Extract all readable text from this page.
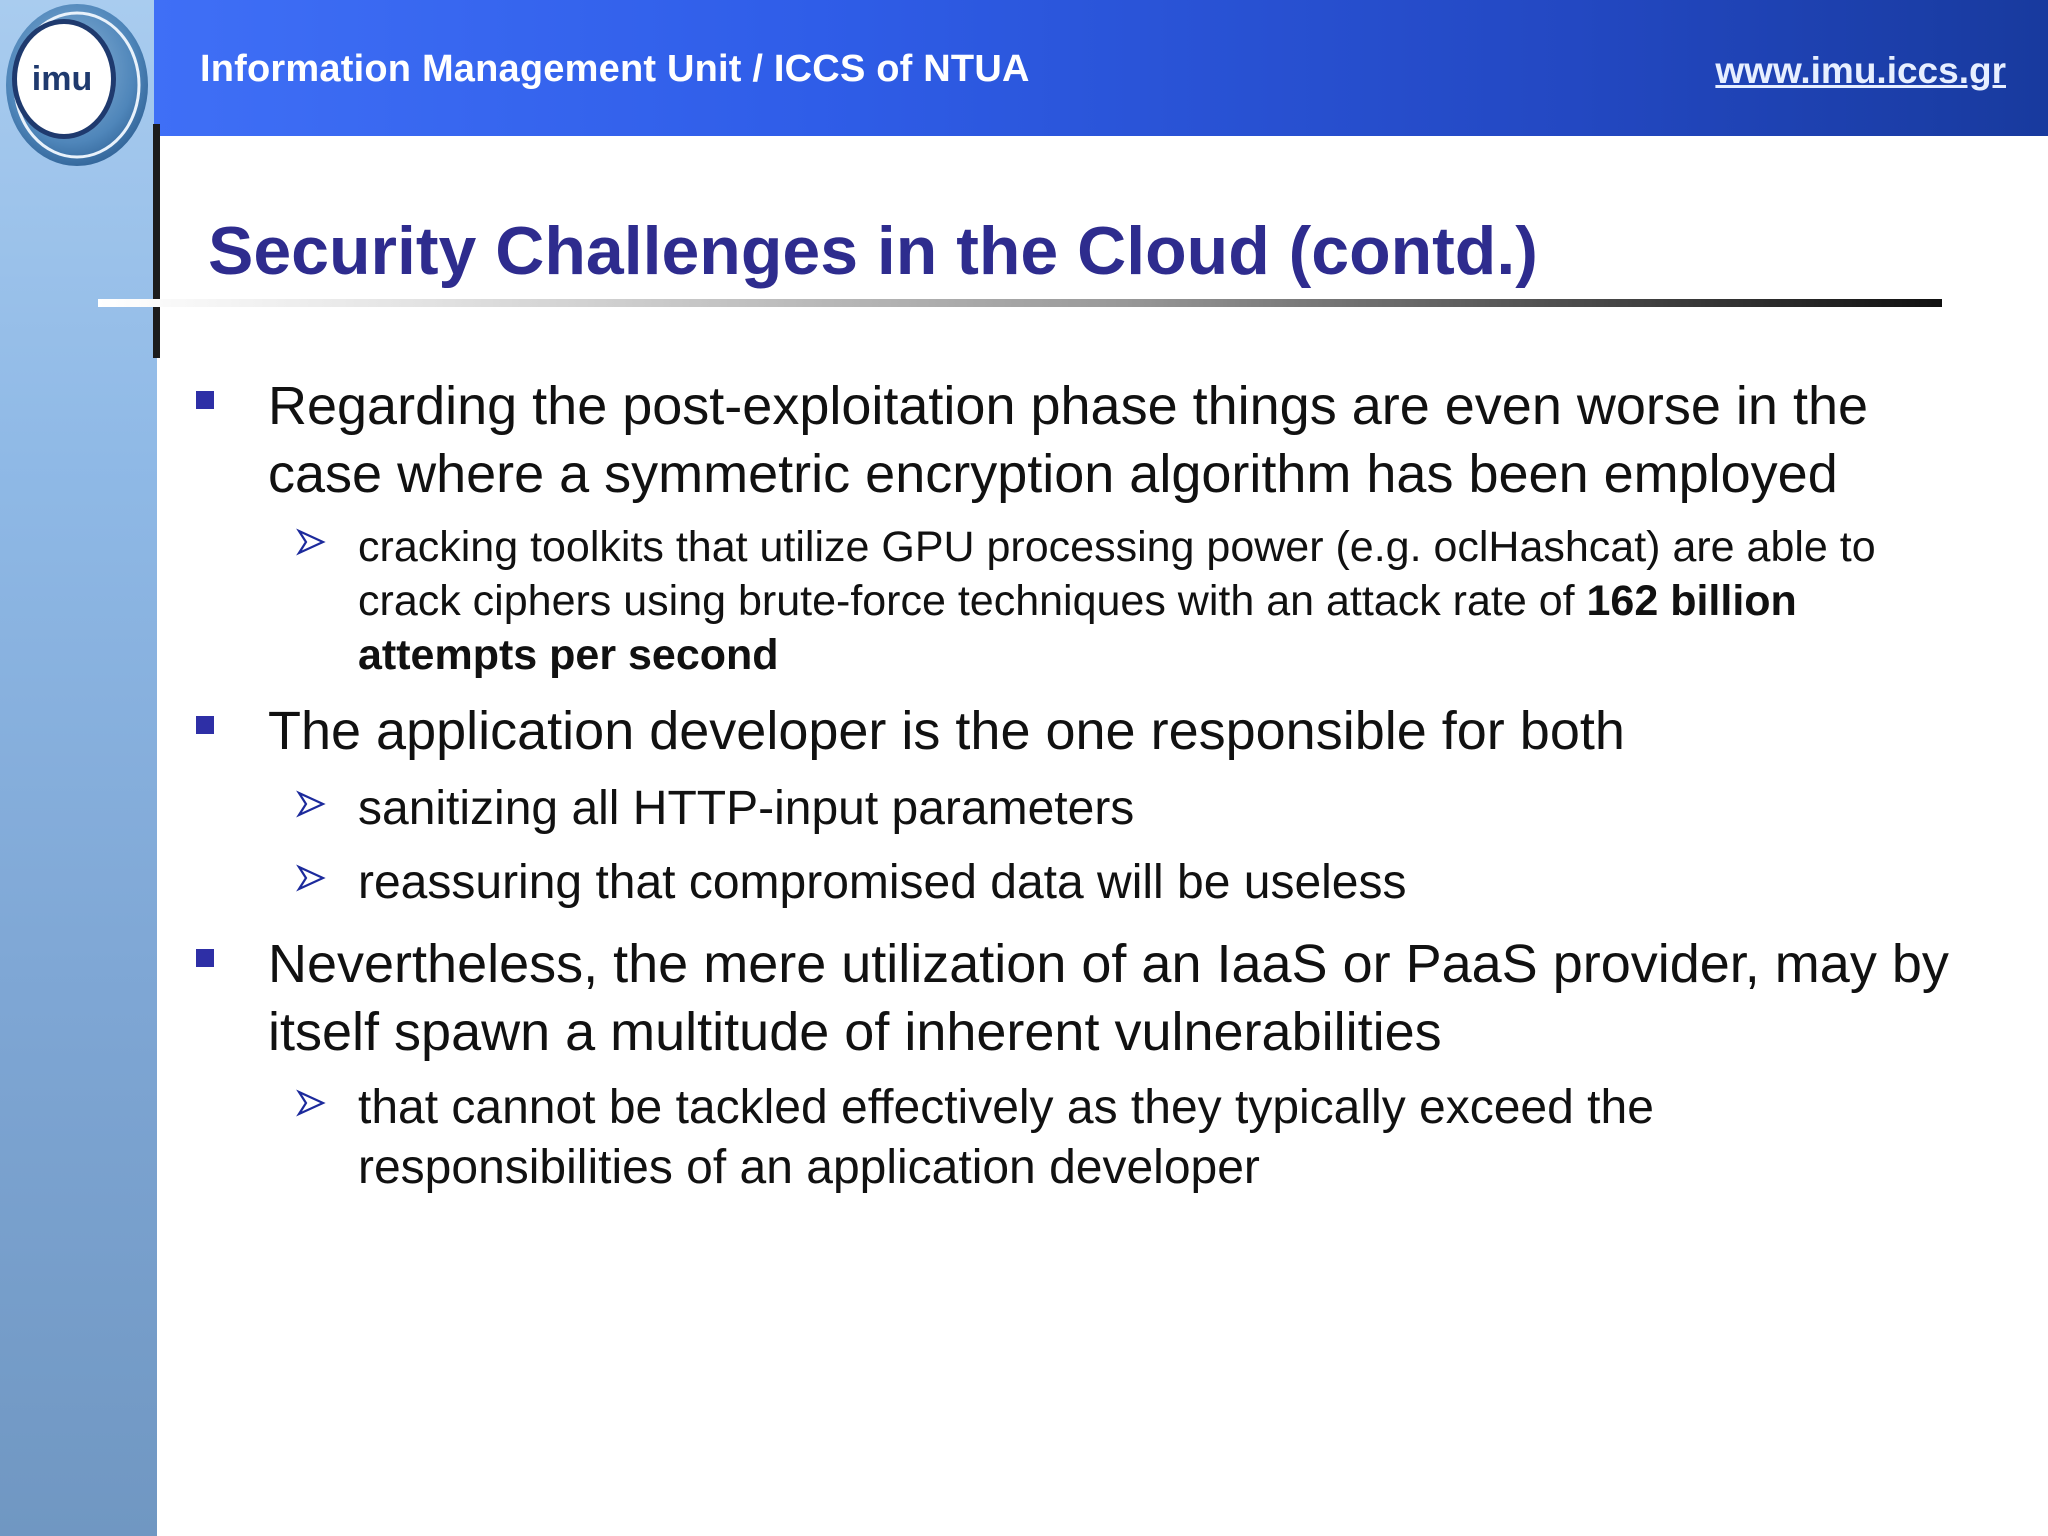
Information Management Unit / ICCS of NTUA	www.imu.iccs.gr
imu
Security Challenges in the Cloud (contd.)
Regarding the post-exploitation phase things are even worse in the case where a symmetric encryption algorithm has been employed
cracking toolkits that utilize GPU processing power (e.g. oclHashcat) are able to crack ciphers using brute-force techniques with an attack rate of 162 billion attempts per second
The application developer is the one responsible for both
sanitizing all HTTP-input parameters
reassuring that compromised data will be useless
Nevertheless, the mere utilization of an IaaS or PaaS provider, may by itself spawn a multitude of inherent vulnerabilities
that cannot be tackled effectively as they typically exceed the responsibilities of an application developer
